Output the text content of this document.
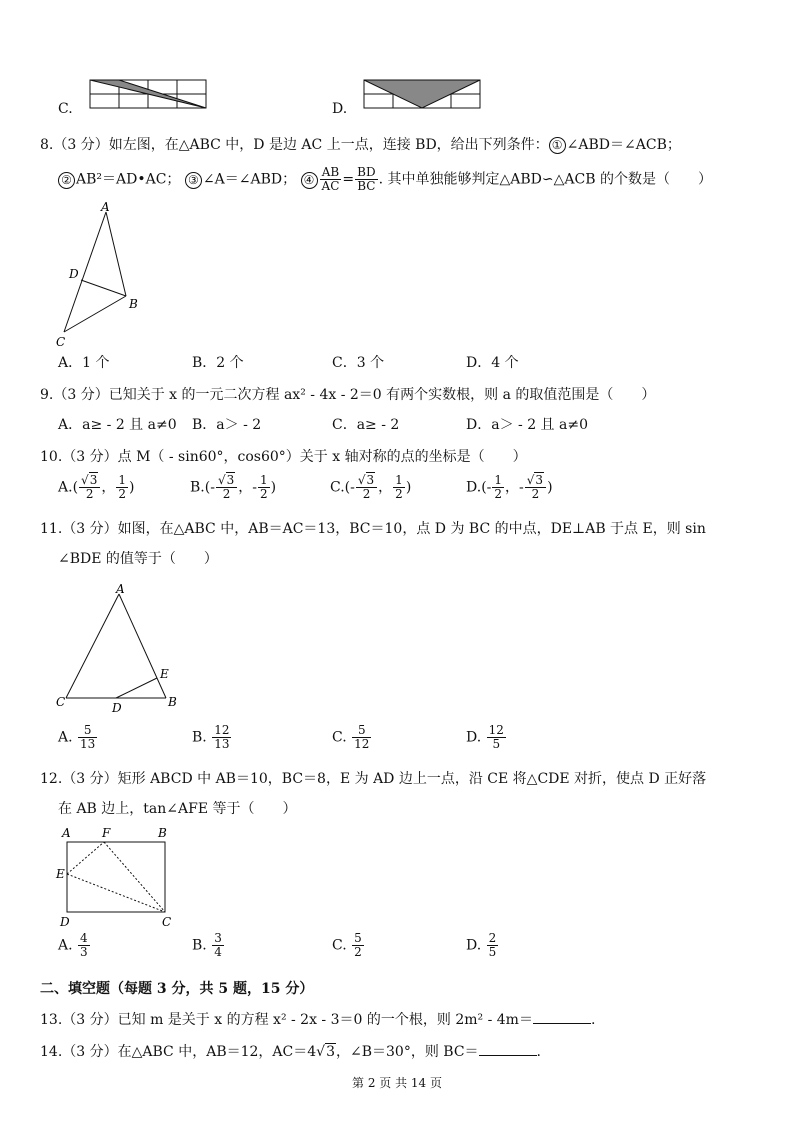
C.	D.
8.（3 分）如左图，在△ABC 中，D 是边 AC 上一点，连接 BD，给出下列条件： ① ∠ABD＝∠ACB；
② AB²＝AD•AC； ③ ∠A＝∠ABD； ④ $\frac{AB}{AC} = \frac{BD}{BC}$ . 其中单独能够判定△ABD∽△ACB 的个数是（　　）
A
D
B
C
A．1 个	B．2 个	C．3 个	D．4 个
9.（3 分）已知关于 x 的一元二次方程 ax² - 4x - 2＝0 有两个实数根，则 a 的取值范围是（　　）
A．a≥ - 2 且 a≠0 B．a＞ - 2	C．a≥ - 2	D．a＞ - 2 且 a≠0
10.（3 分）点 M（ - sin60°，cos60°）关于 x 轴对称的点的坐标是（　　）
$A.( \frac{√3}{2}$ ， $\frac{1}{2}$ )	$B.(- \frac{√3}{2}$ ，- $\frac{1}{2}$ )	$C.(- \frac{√3}{2}$ ， $\frac{1}{2}$ )	$D.(- \frac{1}{2}$ ，- $\frac{√3}{2}$ )
11.（3 分）如图，在△ABC 中，AB＝AC＝13，BC＝10，点 D 为 BC 的中点，DE⊥AB 于点 E，则 sin
∠BDE 的值等于（　　）
A
C	D	B
E
A. $\frac{5}{13}$	B. $\frac{12}{13}$	C. $\frac{5}{12}$	D. $\frac{12}{5}$
12.（3 分）矩形 ABCD 中 AB＝10，BC＝8，E 为 AD 边上一点，沿 CE 将△CDE 对折，使点 D 正好落
在 AB 边上，tan∠AFE 等于（　　）
A	F	B
E
D	C
A. $\frac{4}{3}$	B. $\frac{3}{4}$	C. $\frac{5}{2}$	D. $\frac{2}{5}$
二、填空题（每题 3 分，共 5 题，15 分）
13.（3 分）已知 m 是关于 x 的方程 x² - 2x - 3＝0 的一个根，则 2m² - 4m＝	.
14.（3 分）在△ABC 中，AB＝12，AC＝4√3，∠B＝30°，则 BC＝	.
第 2 页 共 14 页
